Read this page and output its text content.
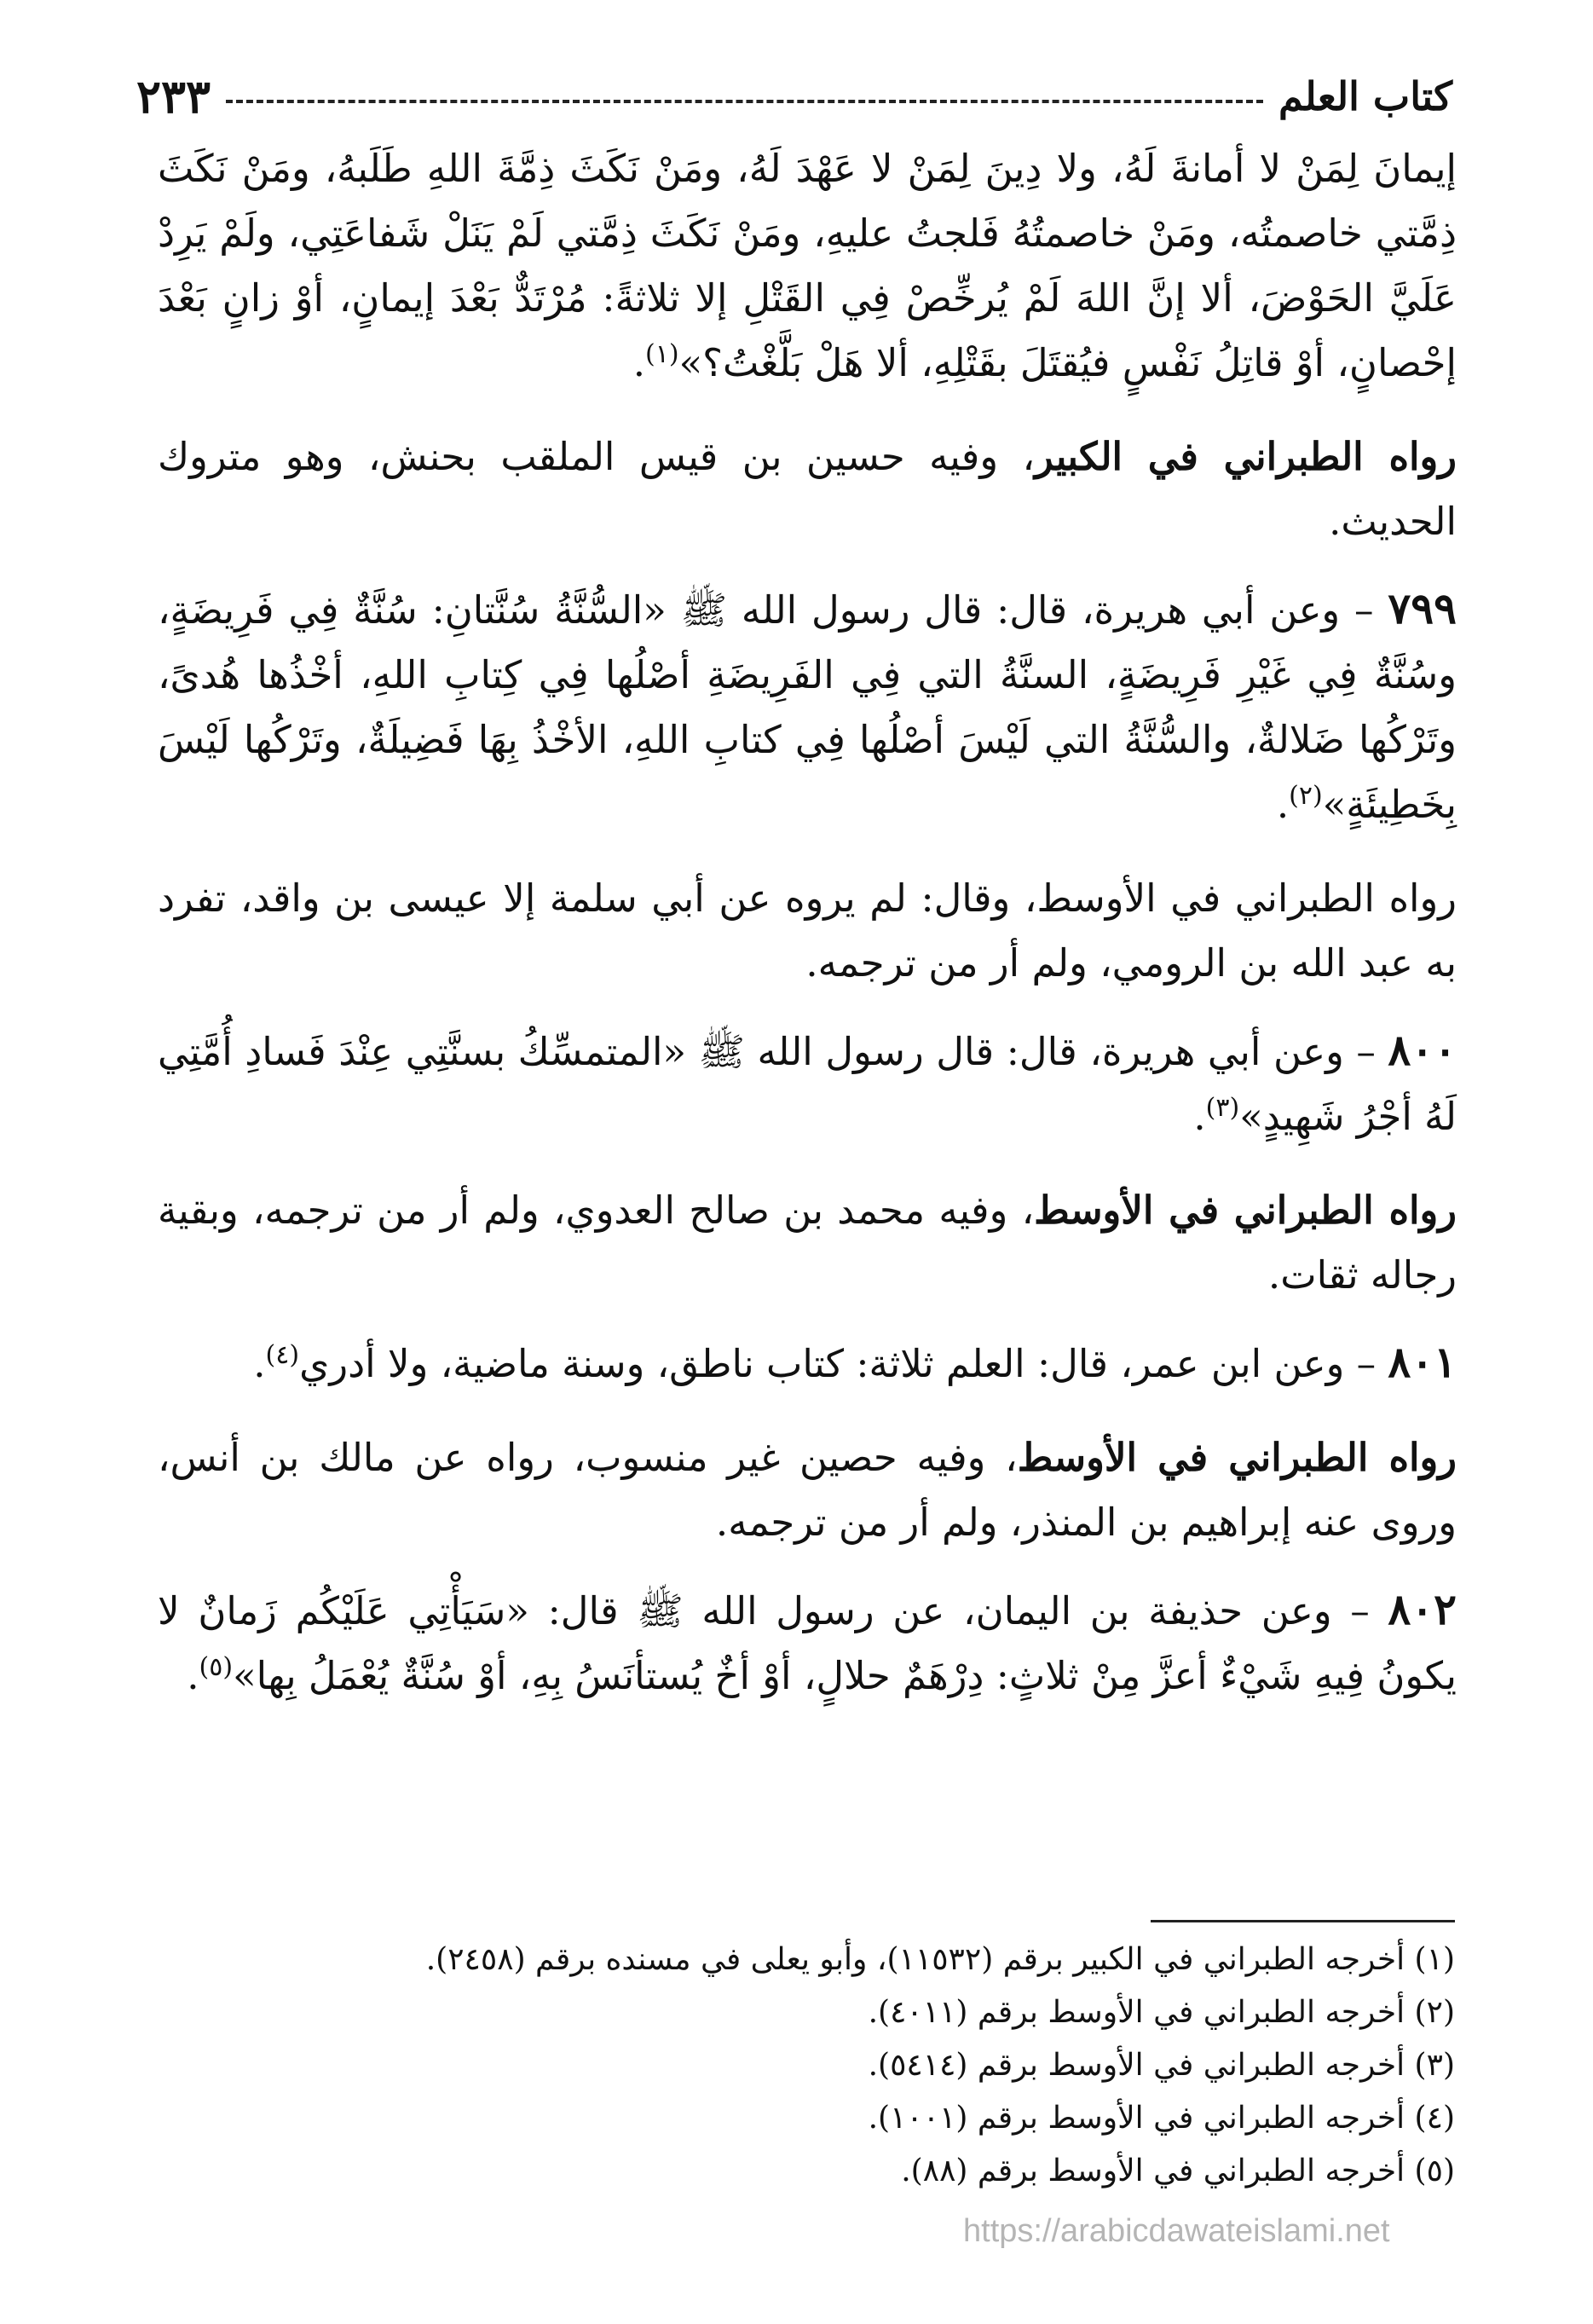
كتاب العلم
٢٣٣

إيمانَ لِمَنْ لا أمانةَ لَهُ، ولا دِينَ لِمَنْ لا عَهْدَ لَهُ، ومَنْ نَكَثَ ذِمَّةَ اللهِ طَلَبهُ، ومَنْ نَكَثَ ذِمَّتي خاصمتُه، ومَنْ خاصمتُهُ فَلجتُ عليهِ، ومَنْ نَكَثَ ذِمَّتي لَمْ يَنَلْ شَفاعَتِي، ولَمْ يَرِدْ عَلَيَّ الحَوْضَ، ألا إنَّ اللهَ لَمْ يُرخِّصْ فِي القَتْلِ إلا ثلاثةً: مُرْتَدٌّ بَعْدَ إيمانٍ، أوْ زانٍ بَعْدَ إحْصانٍ، أوْ قاتِلُ نَفْسٍ فيُقتَلَ بقَتْلِهِ، ألا هَلْ بَلَّغْتُ؟»$^{(١)}$.

رواه الطبراني في الكبير، وفيه حسين بن قيس الملقب بحنش، وهو متروك الحديث.

٧٩٩ – وعن أبي هريرة، قال: قال رسول الله ﷺ «السُّنَّةُ سُنَّتانِ: سُنَّةٌ فِي فَرِيضَةٍ، وسُنَّةٌ فِي غَيْرِ فَرِيضَةٍ، السنَّةُ التي فِي الفَرِيضَةِ أصْلُها فِي كِتابِ اللهِ، أخْذُها هُدىً، وتَرْكُها ضَلالةٌ، والسُّنَّةُ التي لَيْسَ أصْلُها فِي كتابِ اللهِ، الأخْذُ بِهَا فَضِيلَةٌ، وتَرْكُها لَيْسَ بِخَطِيئَةٍ»$^{(٢)}$.

رواه الطبراني في الأوسط، وقال: لم يروه عن أبي سلمة إلا عيسى بن واقد، تفرد به عبد الله بن الرومي، ولم أر من ترجمه.

٨٠٠ – وعن أبي هريرة، قال: قال رسول الله ﷺ «المتمسِّكُ بسنَّتِي عِنْدَ فَسادِ أُمَّتِي لَهُ أجْرُ شَهِيدٍ»$^{(٣)}$.

رواه الطبراني في الأوسط، وفيه محمد بن صالح العدوي، ولم أر من ترجمه، وبقية رجاله ثقات.

٨٠١ – وعن ابن عمر، قال: العلم ثلاثة: كتاب ناطق، وسنة ماضية، ولا أدري$^{(٤)}$.

رواه الطبراني في الأوسط، وفيه حصين غير منسوب، رواه عن مالك بن أنس، وروى عنه إبراهيم بن المنذر، ولم أر من ترجمه.

٨٠٢ – وعن حذيفة بن اليمان، عن رسول الله ﷺ قال: «سَيَأْتِي عَلَيْكُم زَمانٌ لا يكونُ فِيهِ شَيْءٌ أعزَّ مِنْ ثلاثٍ: دِرْهَمٌ حلالٍ، أوْ أخٌ يُستأنَسُ بِهِ، أوْ سُنَّةٌ يُعْمَلُ بِها»$^{(٥)}$.

(١) أخرجه الطبراني في الكبير برقم (١١٥٣٢)، وأبو يعلى في مسنده برقم (٢٤٥٨).

(٢) أخرجه الطبراني في الأوسط برقم (٤٠١١).

(٣) أخرجه الطبراني في الأوسط برقم (٥٤١٤).

(٤) أخرجه الطبراني في الأوسط برقم (١٠٠١).

(٥) أخرجه الطبراني في الأوسط برقم (٨٨).

https://arabicdawateislami.net
